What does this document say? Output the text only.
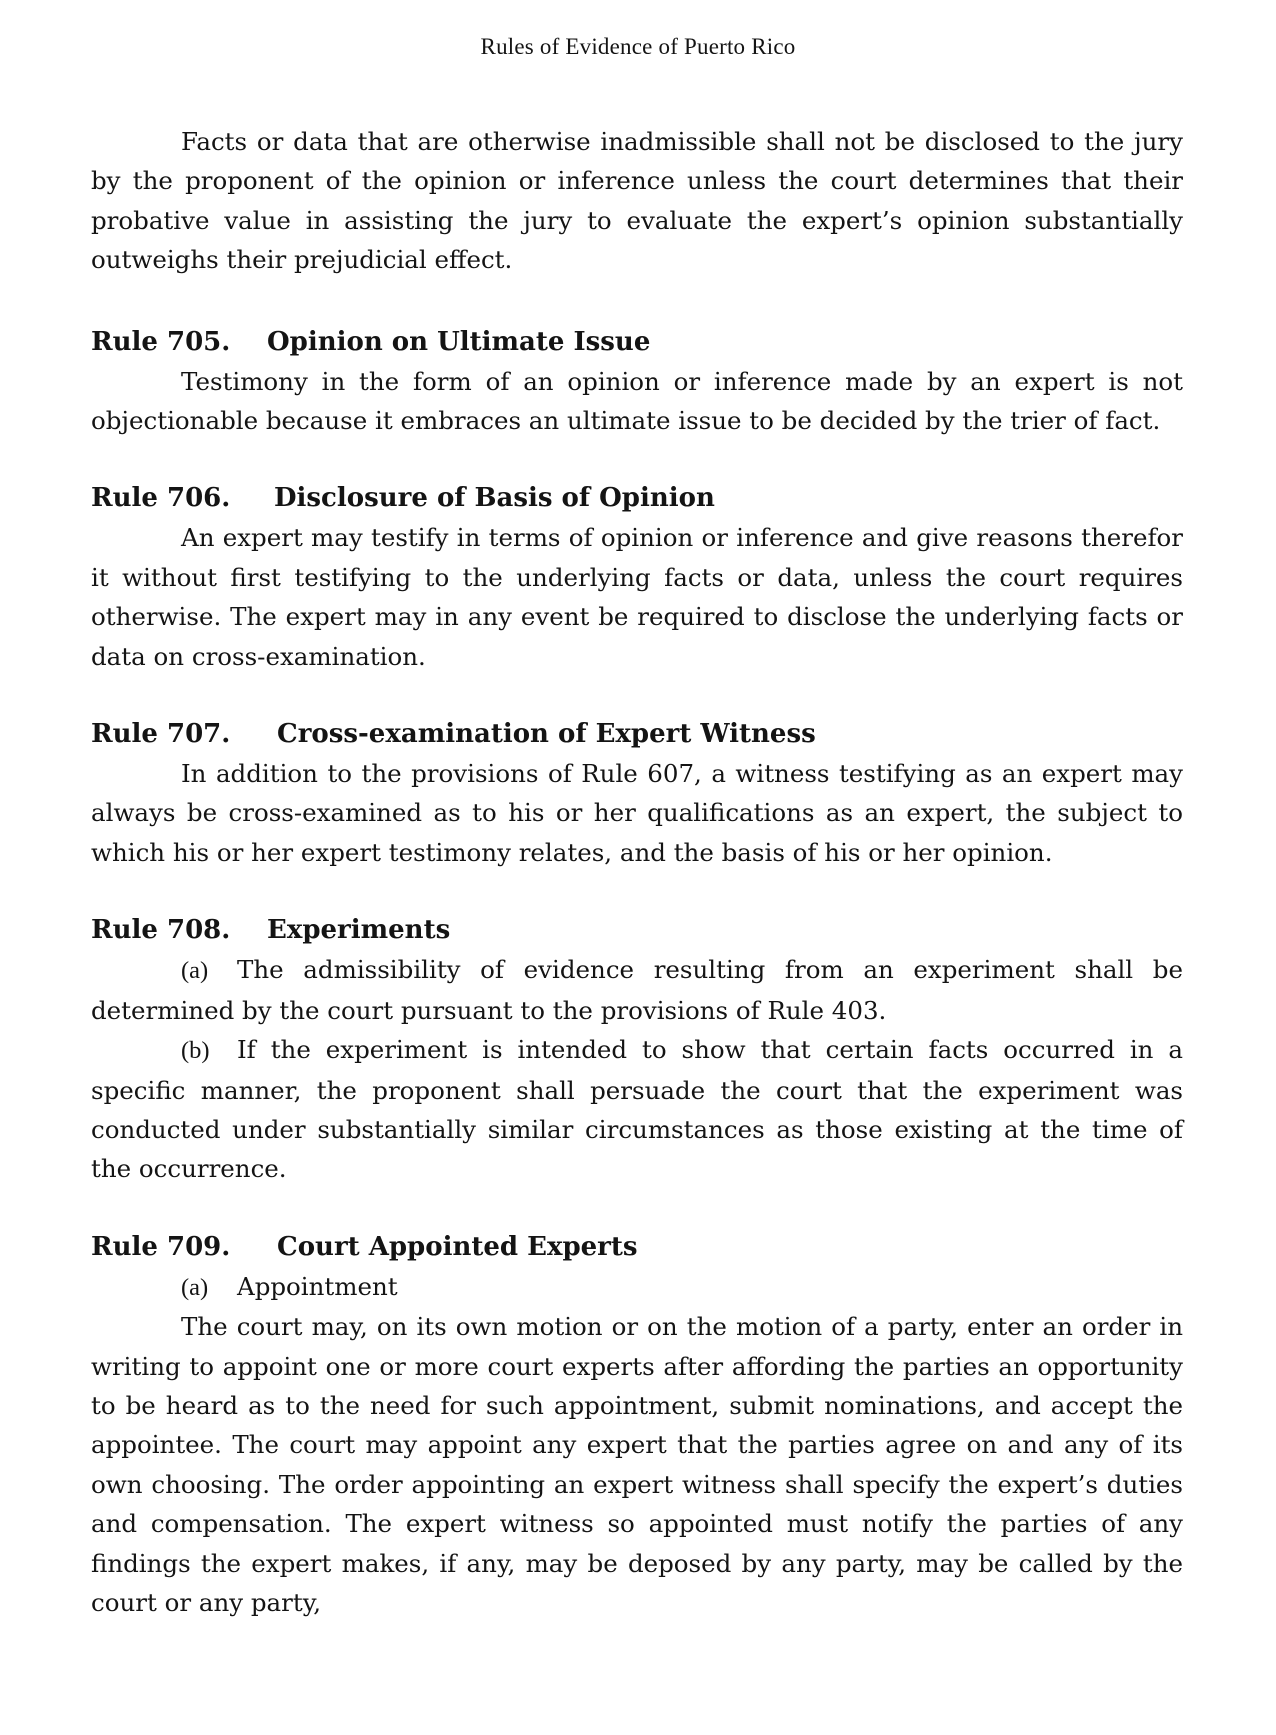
Rules of Evidence of Puerto Rico

Facts or data that are otherwise inadmissible shall not be disclosed to the jury by the proponent of the opinion or inference unless the court determines that their probative value in assisting the jury to evaluate the expert’s opinion substantially outweighs their prejudicial effect.

Rule 705.	Opinion on Ultimate Issue

Testimony in the form of an opinion or inference made by an expert is not objectionable because it embraces an ultimate issue to be decided by the trier of fact.

Rule 706.	Disclosure of Basis of Opinion

An expert may testify in terms of opinion or inference and give reasons therefor it without first testifying to the underlying facts or data, unless the court requires otherwise. The expert may in any event be required to disclose the underlying facts or data on cross-examination.

Rule 707.	Cross-examination of Expert Witness

In addition to the provisions of Rule 607, a witness testifying as an expert may always be cross-examined as to his or her qualifications as an expert, the subject to which his or her expert testimony relates, and the basis of his or her opinion.

Rule 708.	Experiments

(a) The admissibility of evidence resulting from an experiment shall be determined by the court pursuant to the provisions of Rule 403.

(b) If the experiment is intended to show that certain facts occurred in a specific manner, the proponent shall persuade the court that the experiment was conducted under substantially similar circumstances as those existing at the time of the occurrence.

Rule 709.	Court Appointed Experts
(a) Appointment

The court may, on its own motion or on the motion of a party, enter an order in writing to appoint one or more court experts after affording the parties an opportunity to be heard as to the need for such appointment, submit nominations, and accept the appointee. The court may appoint any expert that the parties agree on and any of its own choosing. The order appointing an expert witness shall specify the expert’s duties and compensation. The expert witness so appointed must notify the parties of any findings the expert makes, if any, may be deposed by any party, may be called by the court or any party,
